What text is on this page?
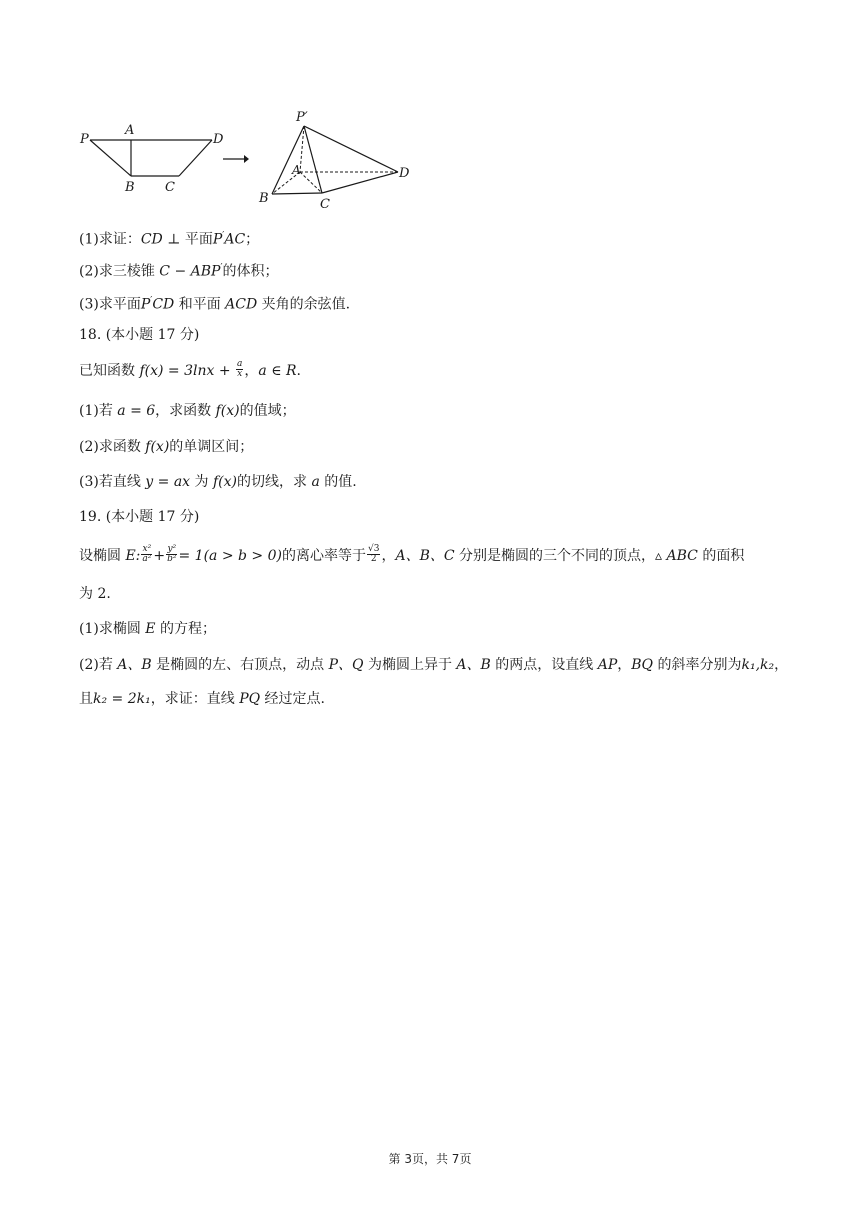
P
A
D
B C
P′
A	D
B	C
(1)求证：CD ⊥ 平面P′AC；
(2)求三棱锥 C − ABP′的体积；
(3)求平面P′CD 和平面 ACD 夹角的余弦值.
18. (本小题 17 分)
已知函数 $f(x) = 3\ln x + \frac{a}{x}$ ，a ∈ R.
(1)若 a = 6，求函数 f(x)的值域；
(2)求函数 f(x)的单调区间；
(3)若直线 y = ax 为 f(x)的切线，求 a 的值.
19. (本小题 17 分)
设椭圆 E: $\frac{\text{x²}}{\text{a²}} + \frac{\text{y²}}{\text{b²}} = 1(a > b > 0)$的离心率等于 $\frac{√3}{2}$ ，A、B、C 分别是椭圆的三个不同的顶点，▵ ABC 的面积
为 2.
(1)求椭圆 E 的方程；
(2)若 A、B 是椭圆的左、右顶点，动点 P、Q 为椭圆上异于 A、B 的两点，设直线 AP，BQ 的斜率分别为k₁,k₂，
且k₂ = 2k₁，求证：直线 PQ 经过定点.
第 3页，共 7页
